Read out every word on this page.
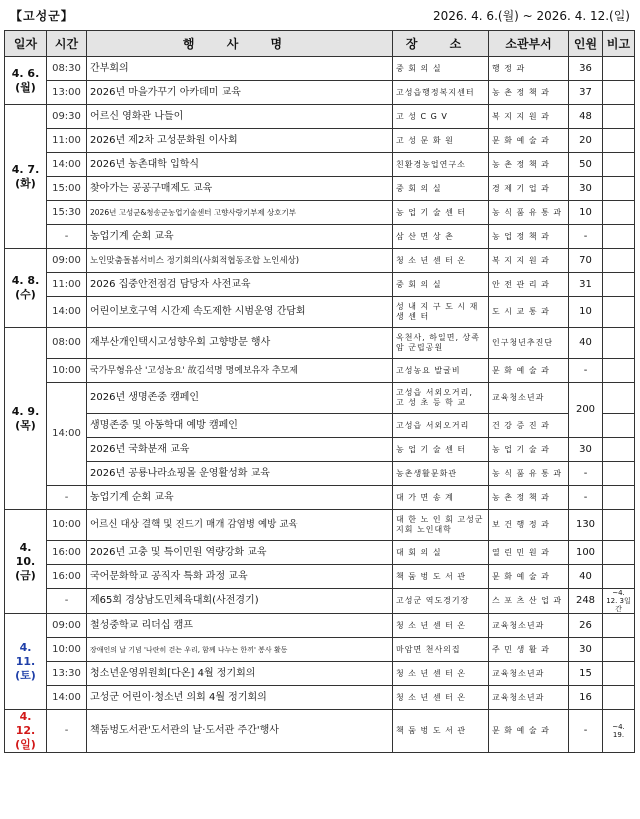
【고성군】	2026. 4. 6.(월) ~ 2026. 4. 12.(일)
일자	시간	행 사 명	장 소	소관부서	인원	비고

4. 6.
(월)	08:30	간부회의	중 회 의 실	행 정 과	36	
	13:00	2026년 마을가꾸기 아카데미 교육	고성읍행정복지센터	농 촌 정 책 과	37	

4. 7.
(화)	09:30	어르신 영화관 나들이	고 성 C G V	복 지 지 원 과	48	
	11:00	2026년 제2차 고성문화원 이사회	고 성 문 화 원	문 화 예 술 과	20	
	14:00	2026년 농촌대학 입학식	친환경농업연구소	농 촌 정 책 과	50	
	15:00	찾아가는 공공구매제도 교육	중 회 의 실	경 제 기 업 과	30	
	15:30	2026년 고성군&청송군농업기술센터 고향사랑기부제 상호기부	농 업 기 술 센 터	농 식 품 유 통 과	10	
	-	농업기계 순회 교육	삼 산 면 상 촌	농 업 정 책 과	-	

4. 8.
(수)	09:00	노인맞춤돌봄서비스 정기회의(사회적협동조합 노인세상)	청 소 년 센 터 온	복 지 지 원 과	70	
	11:00	2026 집중안전점검 담당자 사전교육	중 회 의 실	안 전 관 리 과	31	
	14:00	어린이보호구역 시간제 속도제한 시범운영 간담회	성 내 지 구 도 시 재 생 센 터	도 시 교 통 과	10	

4. 9.
(목)	08:00	재부산개인택시고성향우회 고향방문 행사	옥천사, 하일면, 상족암 군립공원	인구청년추진단	40	
	10:00	국가무형유산 '고성농요' 故김석명 명예보유자 추모제	고성농요 발굴비	문 화 예 술 과	-	
	14:00	2026년 생명존중 캠페인	고성읍 서외오거리, 고 성 초 등 학 교	교육청소년과	200	
		생명존중 및 아동학대 예방 캠페인	고성읍 서외오거리	건 강 증 진 과		
		2026년 국화분재 교육	농 업 기 술 센 터	농 업 기 술 과	30	
		2026년 공룡나라쇼핑몰 운영활성화 교육	농촌생활문화관	농 식 품 유 통 과	-	
	-	농업기계 순회 교육	대 가 면 송 계	농 촌 정 책 과	-	

4. 10.
(금)	10:00	어르신 대상 결핵 및 진드기 매개 감염병 예방 교육	대 한 노 인 회 고성군지회 노인대학	보 건 행 정 과	130	
	16:00	2026년 고충 및 특이민원 역량강화 교육	대 회 의 실	열 린 민 원 과	100	
	16:00	국어문화학교 공직자 특화 과정 교육	책 둠 벙 도 서 관	문 화 예 술 과	40	
	-	제65회 경상남도민체육대회(사전경기)	고성군 역도경기장	스 포 츠 산 업 과	248	~4. 12. 3일간

4. 11.
(토)	09:00	철성중학교 리더십 캠프	청 소 년 센 터 온	교육청소년과	26	
	10:00	장애인의 날 기념 '나란히 걷는 우리, 함께 나누는 한끼' 봉사 활동	마암면 천사의집	주 민 생 활 과	30	
	13:30	청소년운영위원회[다온] 4월 정기회의	청 소 년 센 터 온	교육청소년과	15	
	14:00	고성군 어린이·청소년 의회 4월 정기회의	청 소 년 센 터 온	교육청소년과	16	

4. 12.
(일)	-	책둠벙도서관'도서관의 날·도서관 주간'행사	책 둠 벙 도 서 관	문 화 예 술 과	-	~4. 19.
